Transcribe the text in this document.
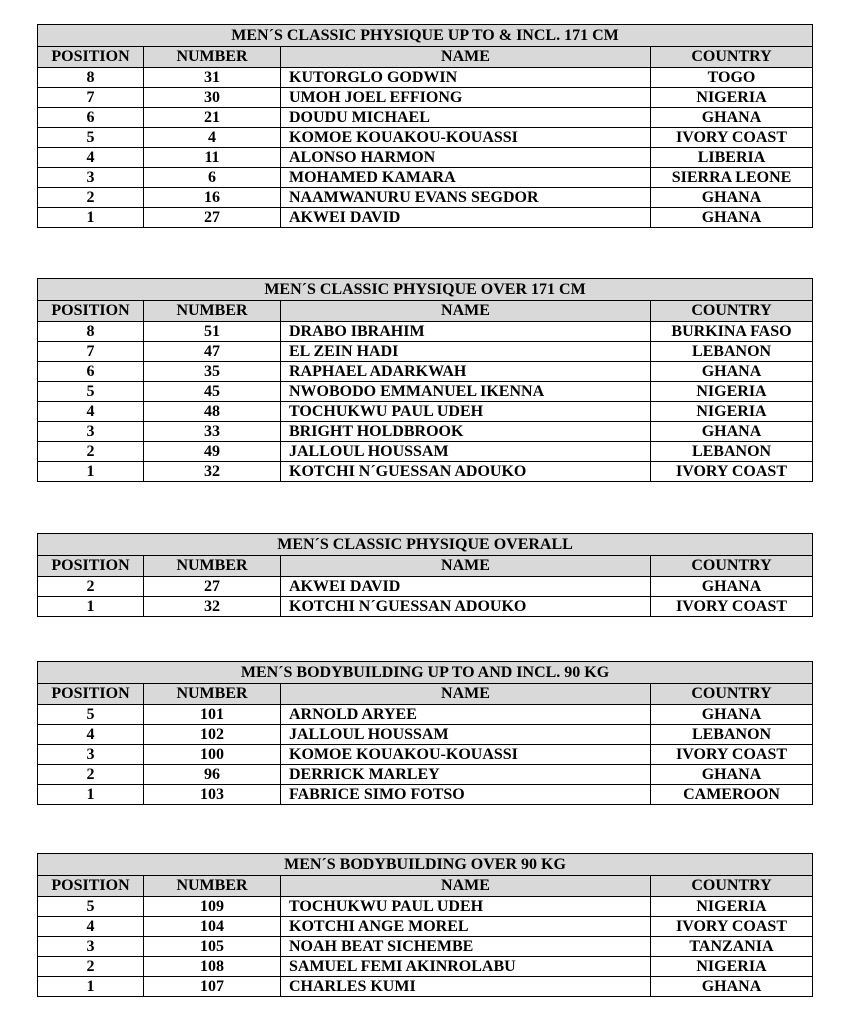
MEN´S CLASSIC PHYSIQUE UP TO & INCL. 171 CM			
POSITION	NUMBER	NAME	COUNTRY
8	31	KUTORGLO GODWIN	TOGO
7	30	UMOH JOEL EFFIONG	NIGERIA
6	21	DOUDU MICHAEL	GHANA
5	4	KOMOE KOUAKOU-KOUASSI	IVORY COAST
4	11	ALONSO HARMON	LIBERIA
3	6	MOHAMED KAMARA	SIERRA LEONE
2	16	NAAMWANURU EVANS SEGDOR	GHANA
1	27	AKWEI DAVID	GHANA
MEN´S CLASSIC PHYSIQUE OVER 171 CM			
POSITION	NUMBER	NAME	COUNTRY
8	51	DRABO IBRAHIM	BURKINA FASO
7	47	EL ZEIN HADI	LEBANON
6	35	RAPHAEL ADARKWAH	GHANA
5	45	NWOBODO EMMANUEL IKENNA	NIGERIA
4	48	TOCHUKWU PAUL UDEH	NIGERIA
3	33	BRIGHT HOLDBROOK	GHANA
2	49	JALLOUL HOUSSAM	LEBANON
1	32	KOTCHI N´GUESSAN ADOUKO	IVORY COAST
MEN´S CLASSIC PHYSIQUE OVERALL			
POSITION	NUMBER	NAME	COUNTRY
2	27	AKWEI DAVID	GHANA
1	32	KOTCHI N´GUESSAN ADOUKO	IVORY COAST
MEN´S BODYBUILDING UP TO AND INCL. 90 KG			
POSITION	NUMBER	NAME	COUNTRY
5	101	ARNOLD ARYEE	GHANA
4	102	JALLOUL HOUSSAM	LEBANON
3	100	KOMOE KOUAKOU-KOUASSI	IVORY COAST
2	96	DERRICK MARLEY	GHANA
1	103	FABRICE SIMO FOTSO	CAMEROON
MEN´S BODYBUILDING OVER 90 KG			
POSITION	NUMBER	NAME	COUNTRY
5	109	TOCHUKWU PAUL UDEH	NIGERIA
4	104	KOTCHI ANGE MOREL	IVORY COAST
3	105	NOAH BEAT SICHEMBE	TANZANIA
2	108	SAMUEL FEMI AKINROLABU	NIGERIA
1	107	CHARLES KUMI	GHANA
